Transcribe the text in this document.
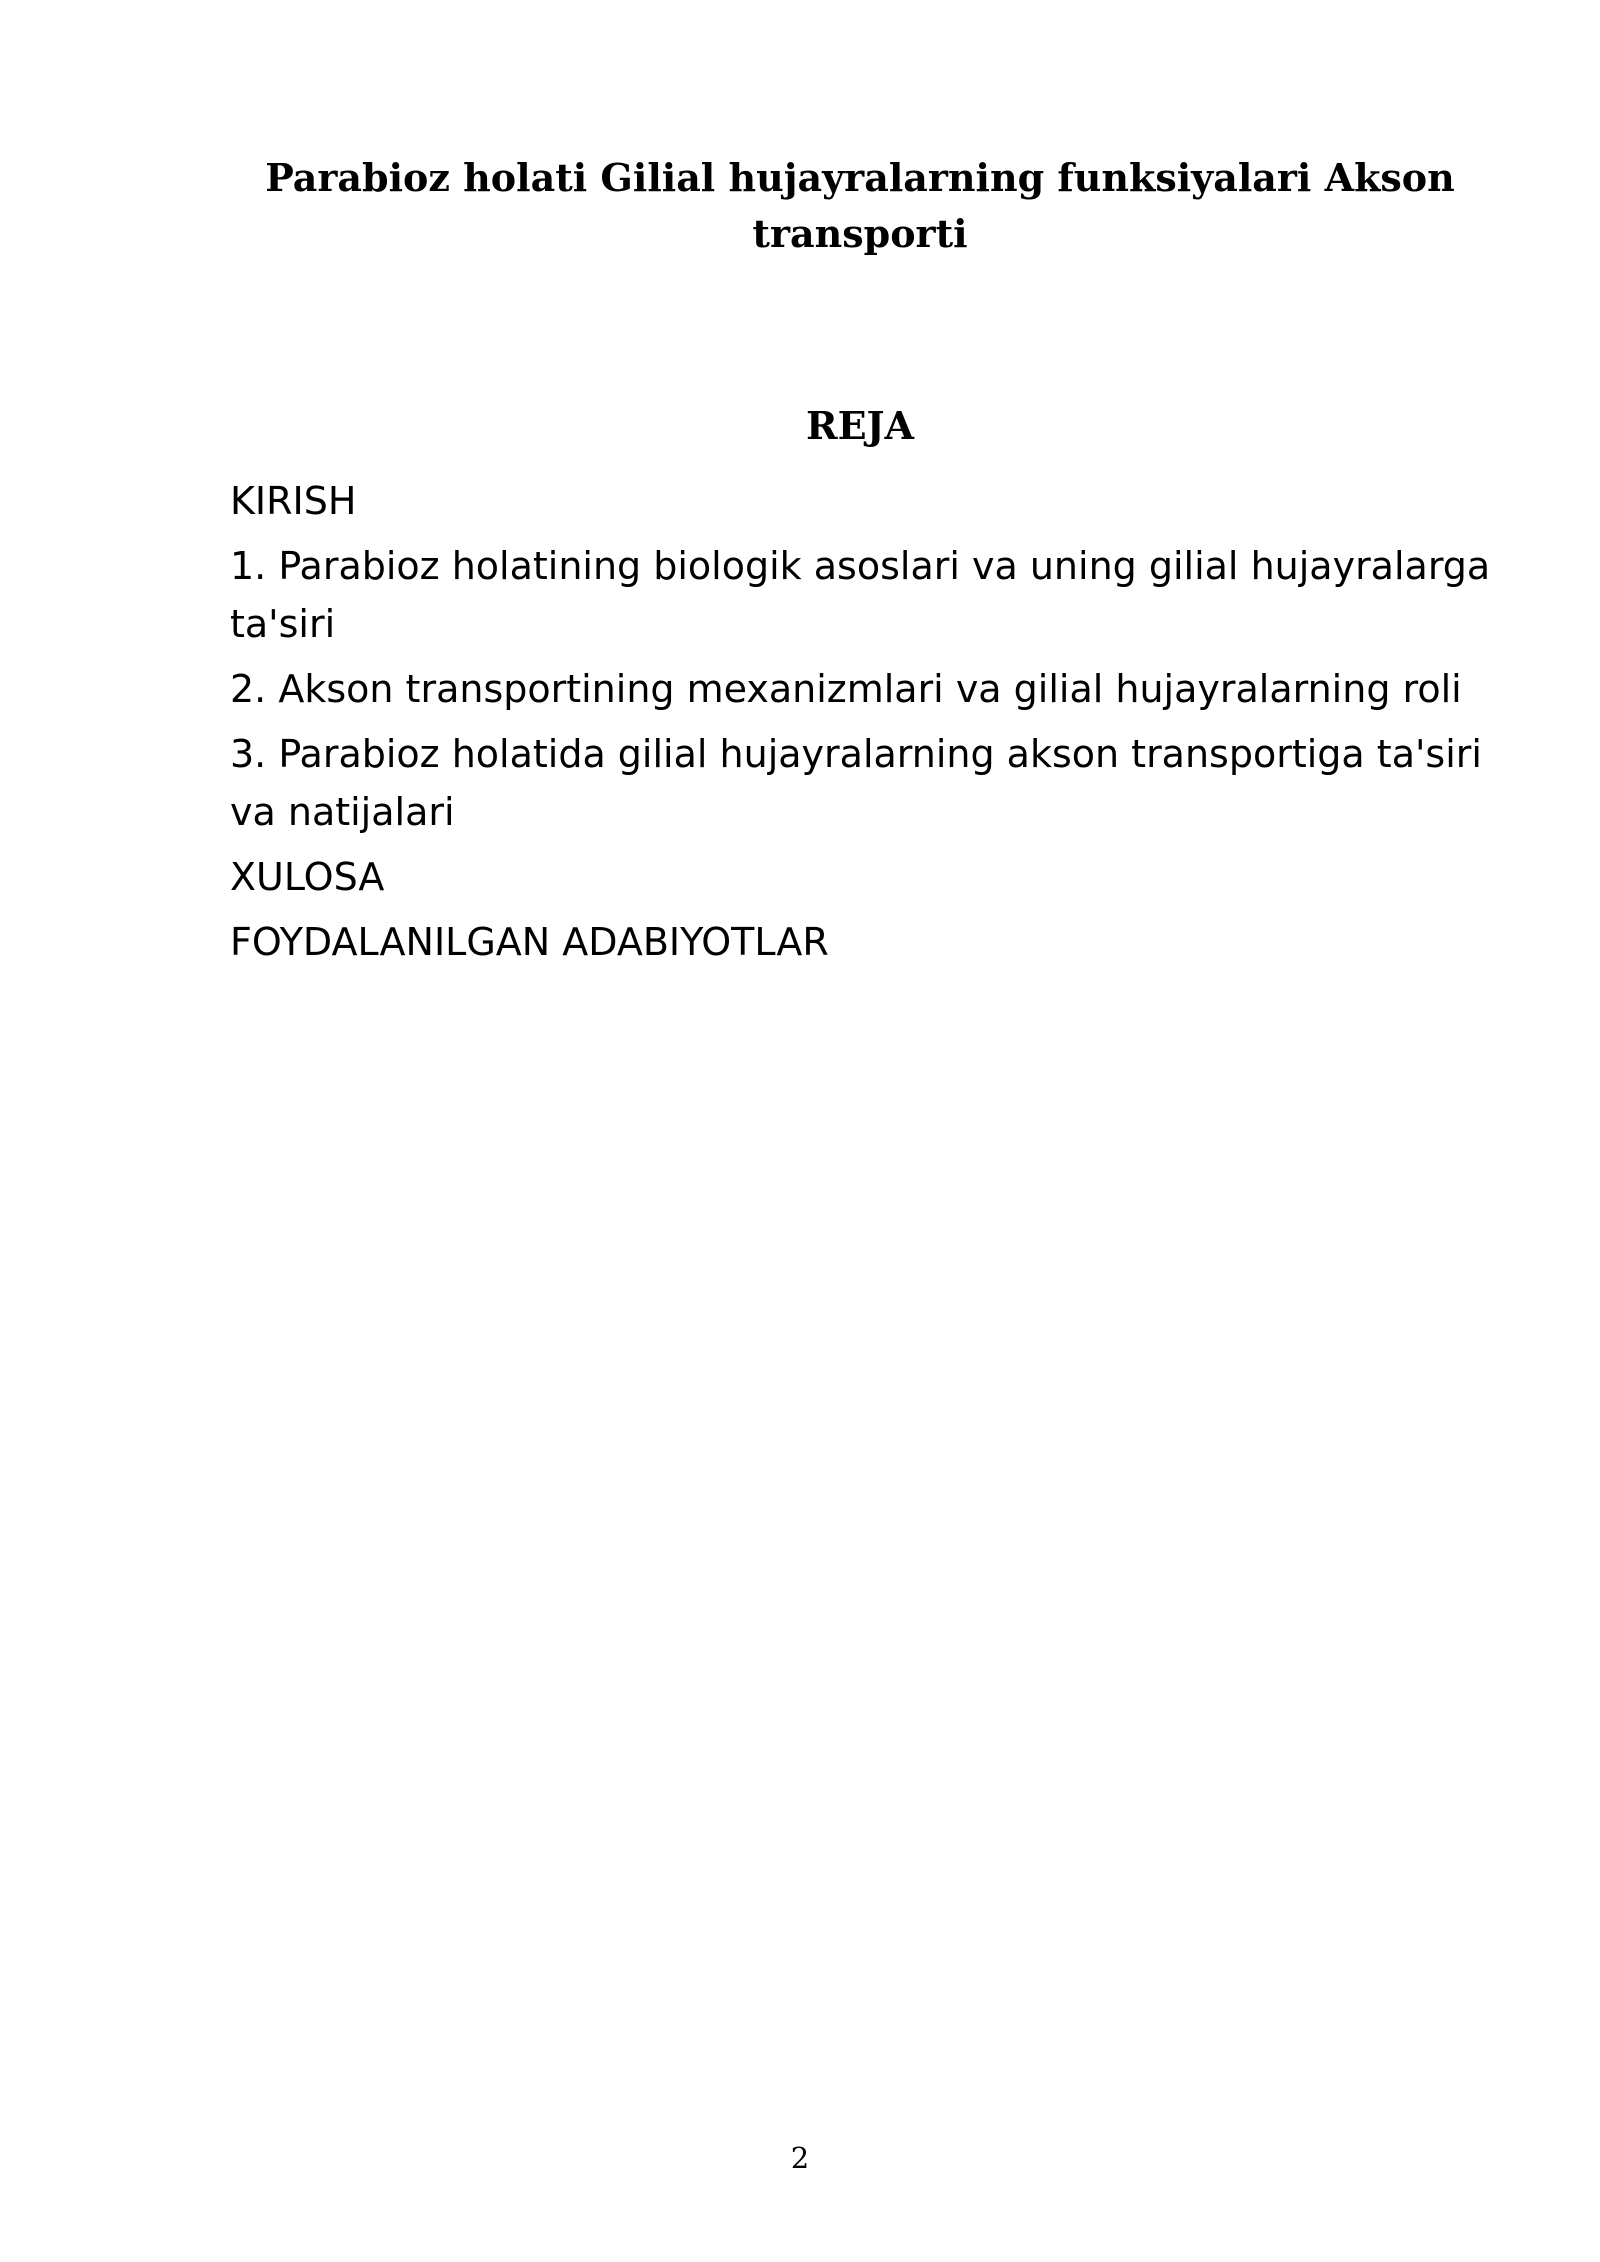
Parabioz holati Gilial hujayralarning funksiyalari Akson transporti
REJA
KIRISH
1. Parabioz holatining biologik asoslari va uning gilial hujayralarga ta'siri
2. Akson transportining mexanizmlari va gilial hujayralarning roli
3. Parabioz holatida gilial hujayralarning akson transportiga ta'siri va natijalari
XULOSA
FOYDALANILGAN ADABIYOTLAR
2
